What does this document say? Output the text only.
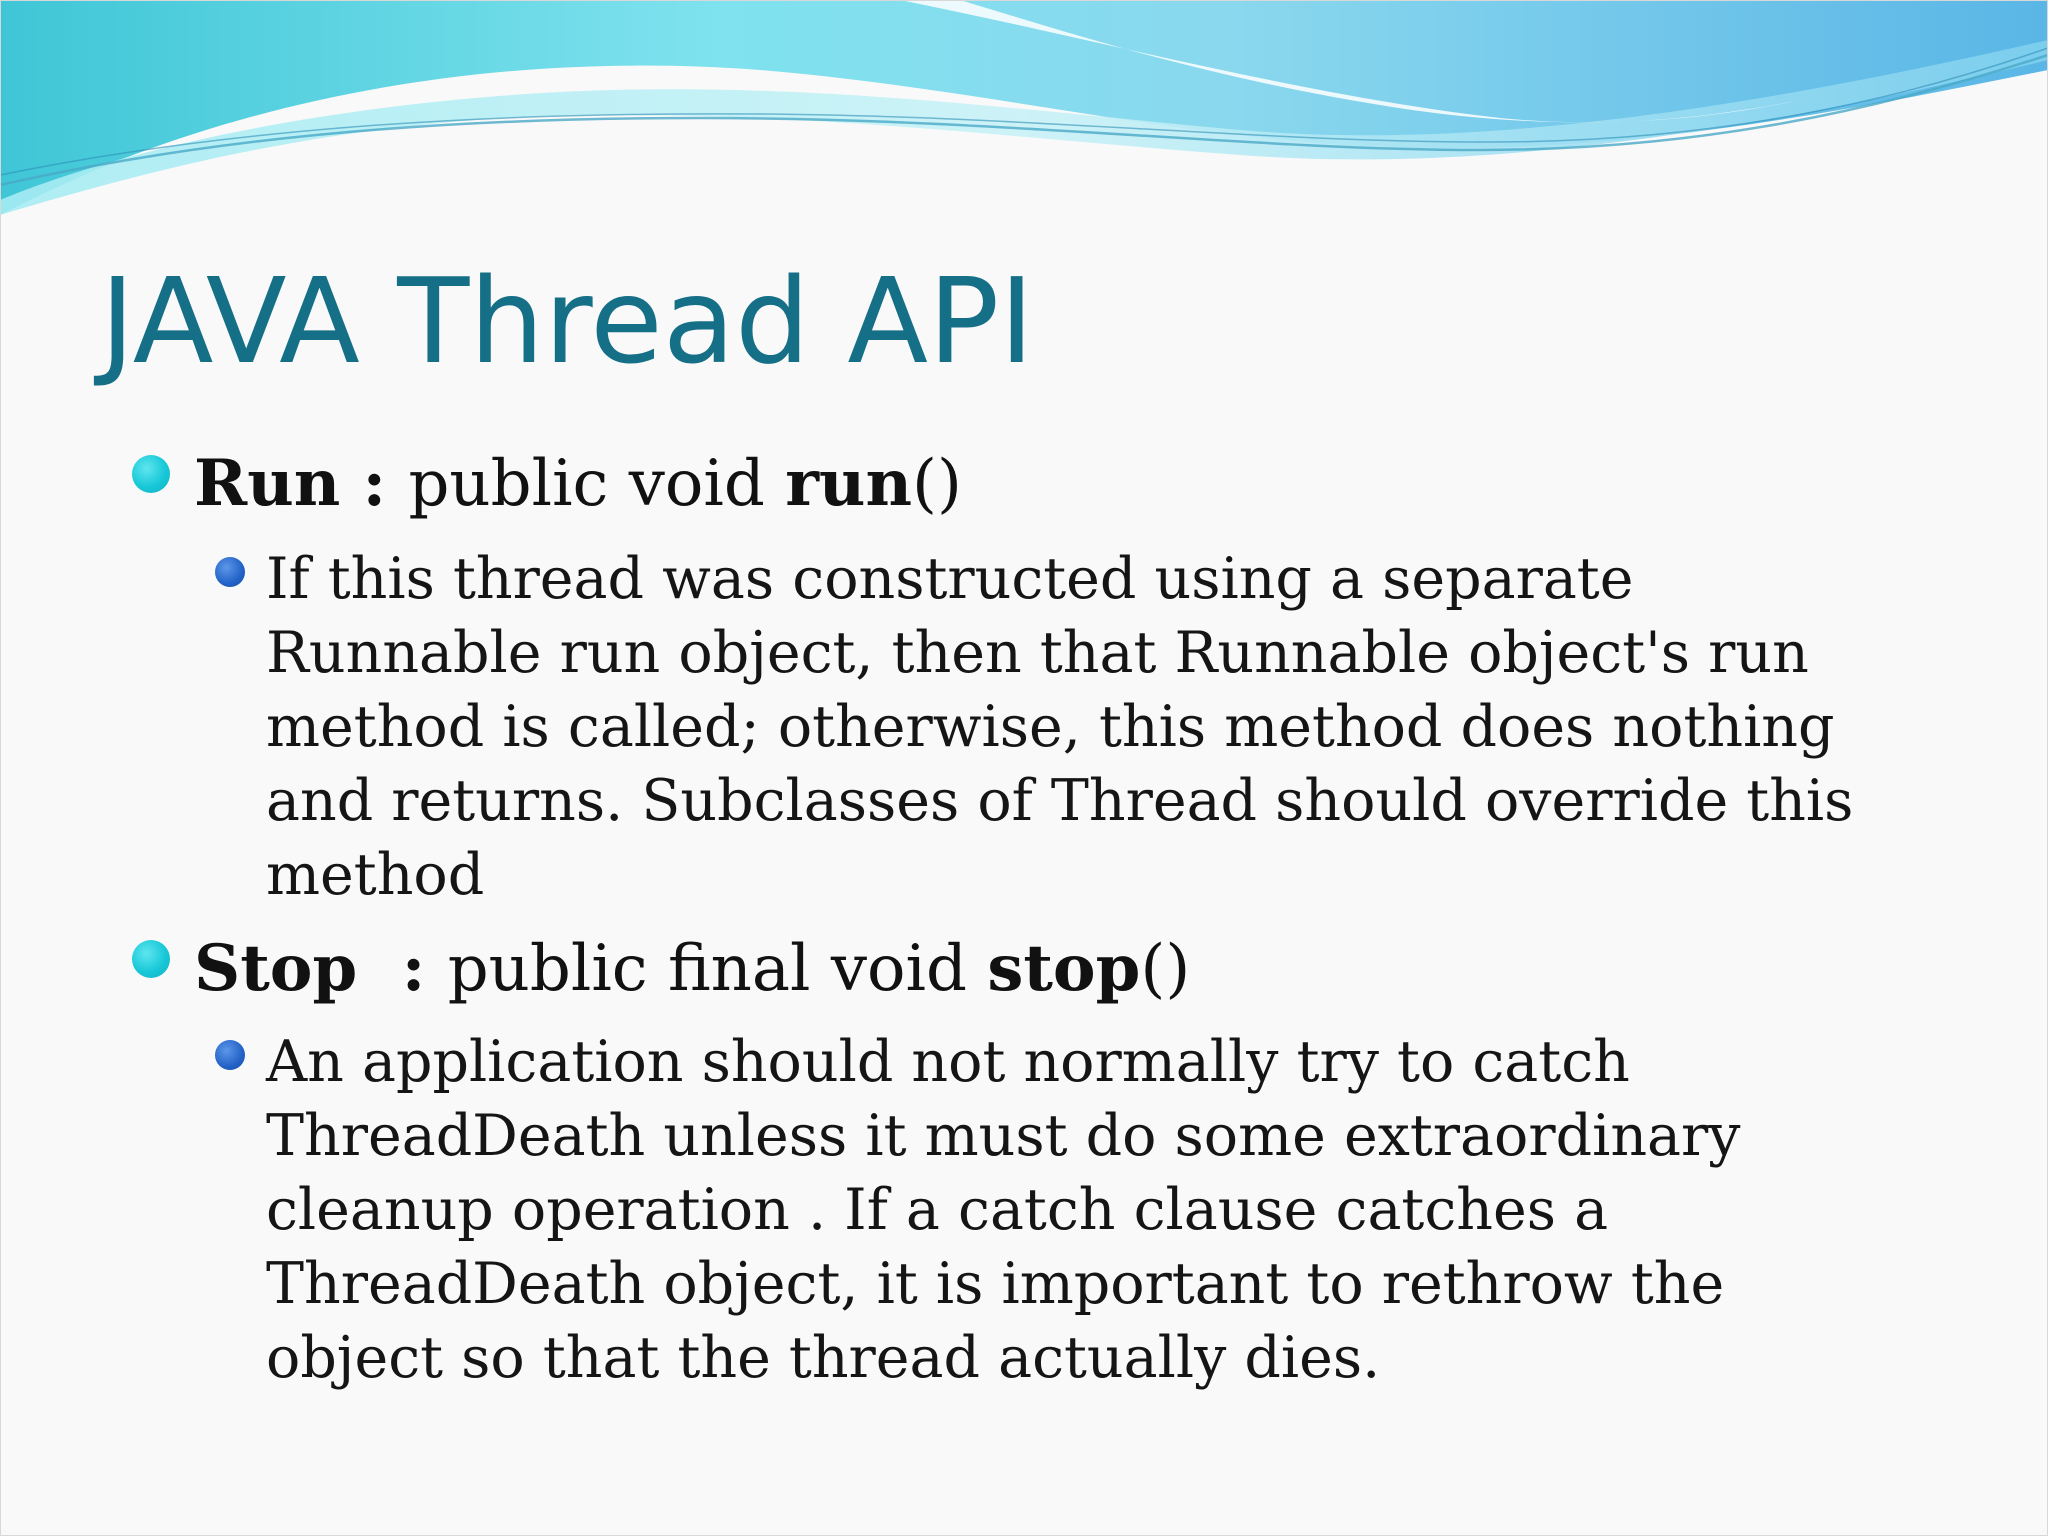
JAVA Thread API
Run : public void run()
If this thread was constructed using a separate
Runnable run object, then that Runnable object's run
method is called; otherwise, this method does nothing
and returns. Subclasses of Thread should override this
method
Stop  : public final void stop()
An application should not normally try to catch
ThreadDeath unless it must do some extraordinary
cleanup operation . If a catch clause catches a
ThreadDeath object, it is important to rethrow the
object so that the thread actually dies.
